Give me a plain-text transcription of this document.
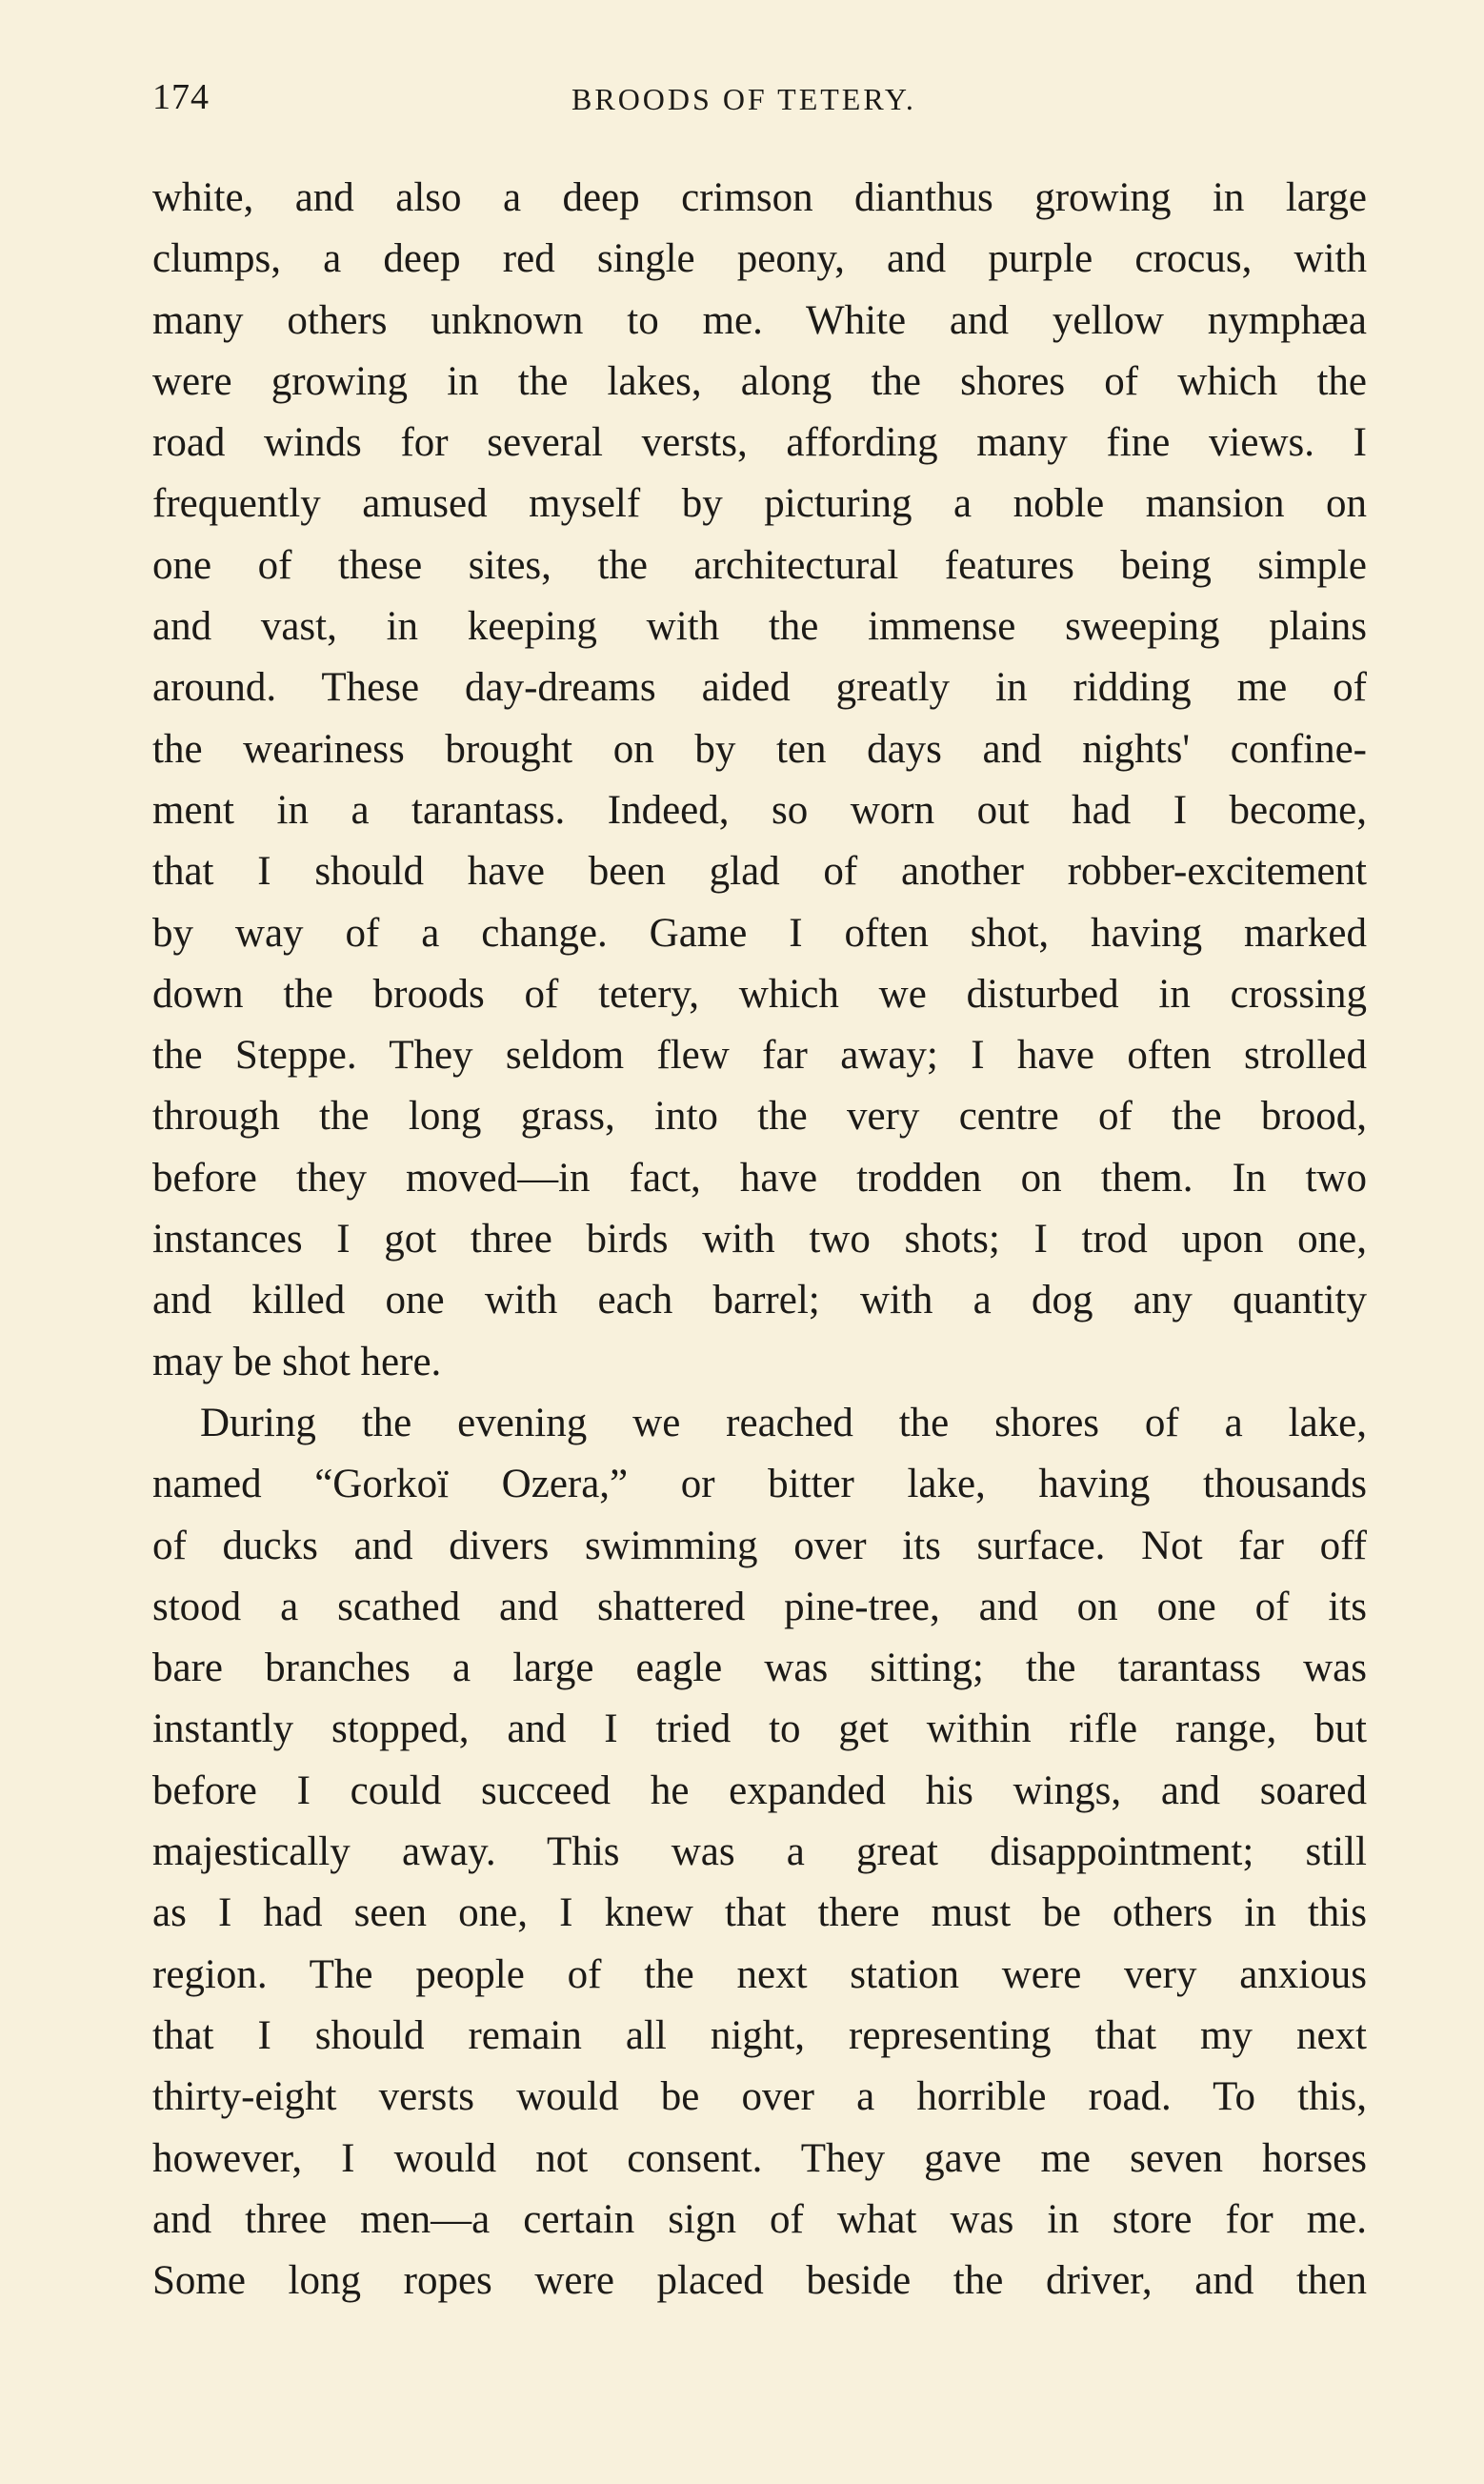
174	BROODS OF TETERY.
white, and also a deep crimson dianthus growing in large
clumps, a deep red single peony, and purple crocus, with
many others unknown to me. White and yellow nymphæa
were growing in the lakes, along the shores of which the
road winds for several versts, affording many fine views. I
frequently amused myself by picturing a noble mansion on
one of these sites, the architectural features being simple
and vast, in keeping with the immense sweeping plains
around. These day-dreams aided greatly in ridding me of
the weariness brought on by ten days and nights' confine-
ment in a tarantass. Indeed, so worn out had I become,
that I should have been glad of another robber-excitement
by way of a change. Game I often shot, having marked
down the broods of tetery, which we disturbed in crossing
the Steppe. They seldom flew far away; I have often strolled
through the long grass, into the very centre of the brood,
before they moved—in fact, have trodden on them. In two
instances I got three birds with two shots; I trod upon one,
and killed one with each barrel; with a dog any quantity
may be shot here.
During the evening we reached the shores of a lake,
named “Gorkoï Ozera,” or bitter lake, having thousands
of ducks and divers swimming over its surface. Not far off
stood a scathed and shattered pine-tree, and on one of its
bare branches a large eagle was sitting; the tarantass was
instantly stopped, and I tried to get within rifle range, but
before I could succeed he expanded his wings, and soared
majestically away. This was a great disappointment; still
as I had seen one, I knew that there must be others in this
region. The people of the next station were very anxious
that I should remain all night, representing that my next
thirty-eight versts would be over a horrible road. To this,
however, I would not consent. They gave me seven horses
and three men—a certain sign of what was in store for me.
Some long ropes were placed beside the driver, and then
